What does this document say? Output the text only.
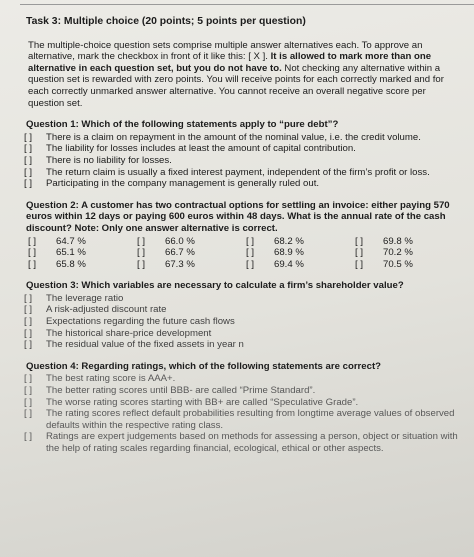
Task 3: Multiple choice (20 points; 5 points per question)
The multiple-choice question sets comprise multiple answer alternatives each. To approve an alternative, mark the checkbox in front of it like this: [ X ]. It is allowed to mark more than one alternative in each question set, but you do not have to. Not checking any alternative within a question set is rewarded with zero points. You will receive points for each correctly marked and for each correctly unmarked answer alternative. You cannot receive an overall negative score per question set.
Question 1: Which of the following statements apply to “pure debt”?
[ ]	There is a claim on repayment in the amount of the nominal value, i.e. the credit volume.
[ ]	The liability for losses includes at least the amount of capital contribution.
[ ]	There is no liability for losses.
[ ]	The return claim is usually a fixed interest payment, independent of the firm’s profit or loss.
[ ]	Participating in the company management is generally ruled out.
Question 2: A customer has two contractual options for settling an invoice: either paying 570 euros within 12 days or paying 600 euros within 48 days. What is the annual rate of the cash discount? Note: Only one answer alternative is correct.
[ ]	64.7 %	[ ]	66.0 %	[ ]	68.2 %	[ ]	69.8 %
[ ]	65.1 %	[ ]	66.7 %	[ ]	68.9 %	[ ]	70.2 %
[ ]	65.8 %	[ ]	67.3 %	[ ]	69.4 %	[ ]	70.5 %
Question 3: Which variables are necessary to calculate a firm’s shareholder value?
[ ]	The leverage ratio
[ ]	A risk-adjusted discount rate
[ ]	Expectations regarding the future cash flows
[ ]	The historical share-price development
[ ]	The residual value of the fixed assets in year n
Question 4: Regarding ratings, which of the following statements are correct?
[ ]	The best rating score is AAA+.
[ ]	The better rating scores until BBB- are called “Prime Standard”.
[ ]	The worse rating scores starting with BB+ are called “Speculative Grade”.
[ ]	The rating scores reflect default probabilities resulting from longtime average values of observed defaults within the respective rating class.
[ ]	Ratings are expert judgements based on methods for assessing a person, object or situation with the help of rating scales regarding financial, ecological, ethical or other aspects.
